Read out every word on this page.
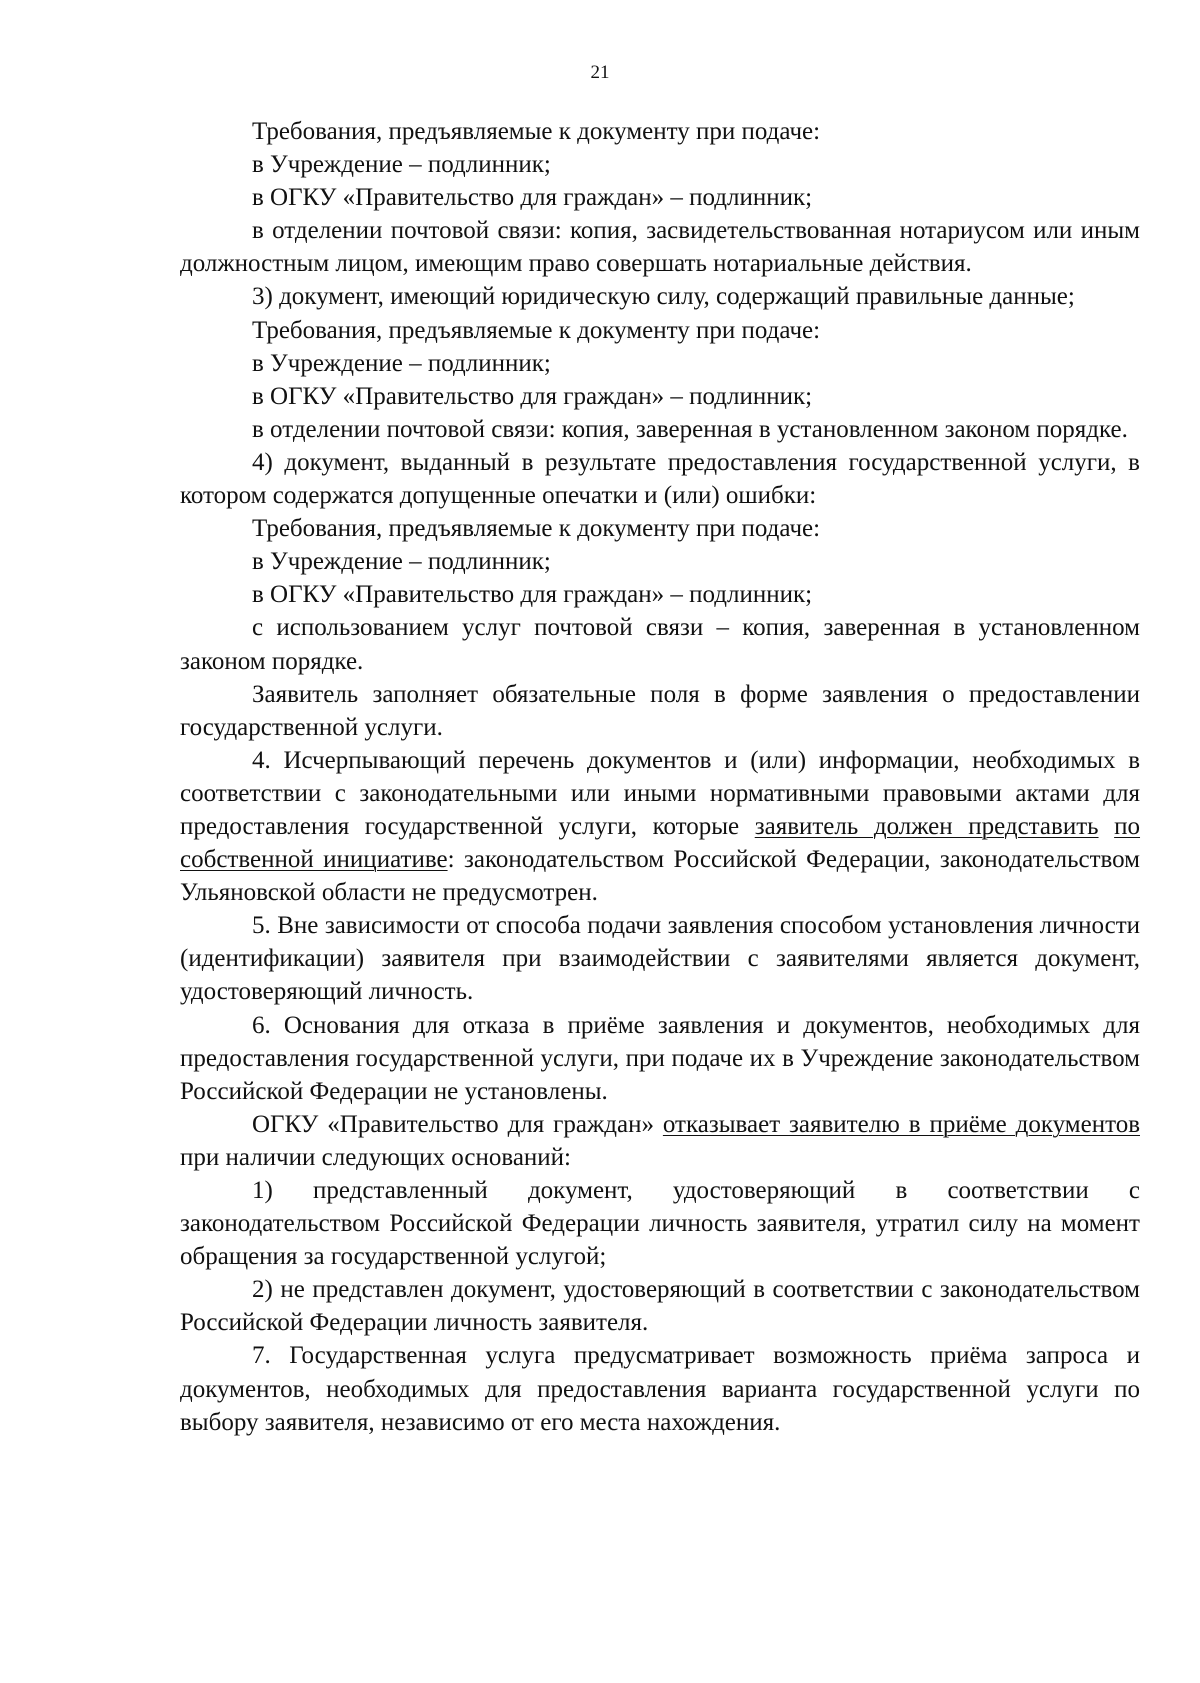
21

Требования, предъявляемые к документу при подаче:

в Учреждение – подлинник;

в ОГКУ «Правительство для граждан» – подлинник;

в отделении почтовой связи: копия, засвидетельствованная нотариусом или иным должностным лицом, имеющим право совершать нотариальные действия.

3) документ, имеющий юридическую силу, содержащий правильные данные;

Требования, предъявляемые к документу при подаче:

в Учреждение – подлинник;

в ОГКУ «Правительство для граждан» – подлинник;

в отделении почтовой связи: копия, заверенная в установленном законом порядке.

4) документ, выданный в результате предоставления государственной услуги, в котором содержатся допущенные опечатки и (или) ошибки:

Требования, предъявляемые к документу при подаче:

в Учреждение – подлинник;

в ОГКУ «Правительство для граждан» – подлинник;

с использованием услуг почтовой связи – копия, заверенная в установленном законом порядке.

Заявитель заполняет обязательные поля в форме заявления о предоставлении государственной услуги.

4. Исчерпывающий перечень документов и (или) информации, необходимых в соответствии с законодательными или иными нормативными правовыми актами для предоставления государственной услуги, которые заявитель должен представить по собственной инициативе: законодательством Российской Федерации, законодательством Ульяновской области не предусмотрен.

5. Вне зависимости от способа подачи заявления способом установления личности (идентификации) заявителя при взаимодействии с заявителями является документ, удостоверяющий личность.

6. Основания для отказа в приёме заявления и документов, необходимых для предоставления государственной услуги, при подаче их в Учреждение законодательством Российской Федерации не установлены.

ОГКУ «Правительство для граждан» отказывает заявителю в приёме документов при наличии следующих оснований:

1) представленный документ, удостоверяющий в соответствии с законодательством Российской Федерации личность заявителя, утратил силу на момент обращения за государственной услугой;

2) не представлен документ, удостоверяющий в соответствии с законодательством Российской Федерации личность заявителя.

7. Государственная услуга предусматривает возможность приёма запроса и документов, необходимых для предоставления варианта государственной услуги по выбору заявителя, независимо от его места нахождения.
